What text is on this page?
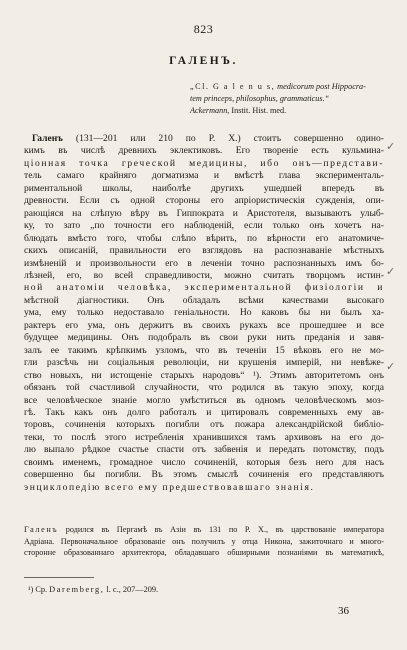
823
ГАЛЕНЪ.
„Cl. G a l e n u s, medicorum post Hippocra-
tem princeps, philosophus, grammaticus.“
Ackermann, Instit. Hist. med.
Галенъ (131—201 или 210 по Р. Х.) стоитъ совершенно одино-
кимъ въ числѣ древнихъ эклектиковъ. Его твореніе есть кульмина-
ціонная точка греческой медицины, ибо онъ—представи-
тель самаго крайняго догматизма и вмѣстѣ глава эксперименталь-
риментальной школы, наиболѣе другихъ ушедшей впередъ въ
древности. Если съ одной стороны его апріористическія сужденія, опи-
рающіяся на слѣпую вѣру въ Гиппократа и Аристотеля, вызываютъ улыб-
ку, то зато „по точности его наблюденій, если только онъ хочетъ на-
блюдать вмѣсто того, чтобы слѣпо вѣрить, по вѣрности его анатомиче-
скихъ описаній, правильности его взглядовъ на распознаваніе мѣстныхъ
измѣненій и произвольности его в леченіи точно распознанныхъ имъ бо-
лѣзней, его, во всей справедливости, можно считать творцомъ истин-
ной анатоміи человѣка, экспериментальной физіологіи и
мѣстной діагностики. Онъ обладалъ всѣми качествами высокаго
ума, ему только недоставало геніальности. Но каковъ бы ни былъ ха-
рактеръ его ума, онъ держитъ въ своихъ рукахъ все прошедшее и все
будущее медицины. Онъ подобралъ въ свои руки нить преданія и завя-
залъ ее такимъ крѣпкимъ узломъ, что въ теченіи 15 вѣковъ его не мо-
гли разсѣчь ни соціальныя революціи, ни крушенія имперій, ни невѣже-
ство новыхъ, ни истощеніе старыхъ народовъ“ ¹). Этимъ авторитетомъ онъ
обязанъ той счастливой случайности, что родился въ такую эпоху, когда
все человѣческое знаніе могло умѣститься въ одномъ человѣческомъ моз-
гѣ. Такъ какъ онъ долго работалъ и цитировалъ современныхъ ему ав-
торовъ, сочиненія которыхъ погибли отъ пожара александрійской библіо-
теки, то послѣ этого истребленія хранившихся тамъ архивовъ на его до-
лю выпало рѣдкое счастье спасти отъ забвенія и передать потомству, подъ
своимъ именемъ, громадное число сочиненій, которыя безъ него для насъ
совершенно бы погибли. Въ этомъ смыслѣ сочиненія его представляютъ
энциклопедію всего ему предшествовавшаго знанія.
Галенъ родился въ Пергамѣ въ Азіи въ 131 по Р. Х., въ царствованіе императора
Адріана. Первоначальное образованіе онъ получилъ у отца Никона, зажиточнаго и много-
сторонне образованнаго архитектора, обладавшаго обширными познаніями въ математикѣ,
¹) Ср. Daremberg, l. c., 207—209.
36
✓
✓
✓
